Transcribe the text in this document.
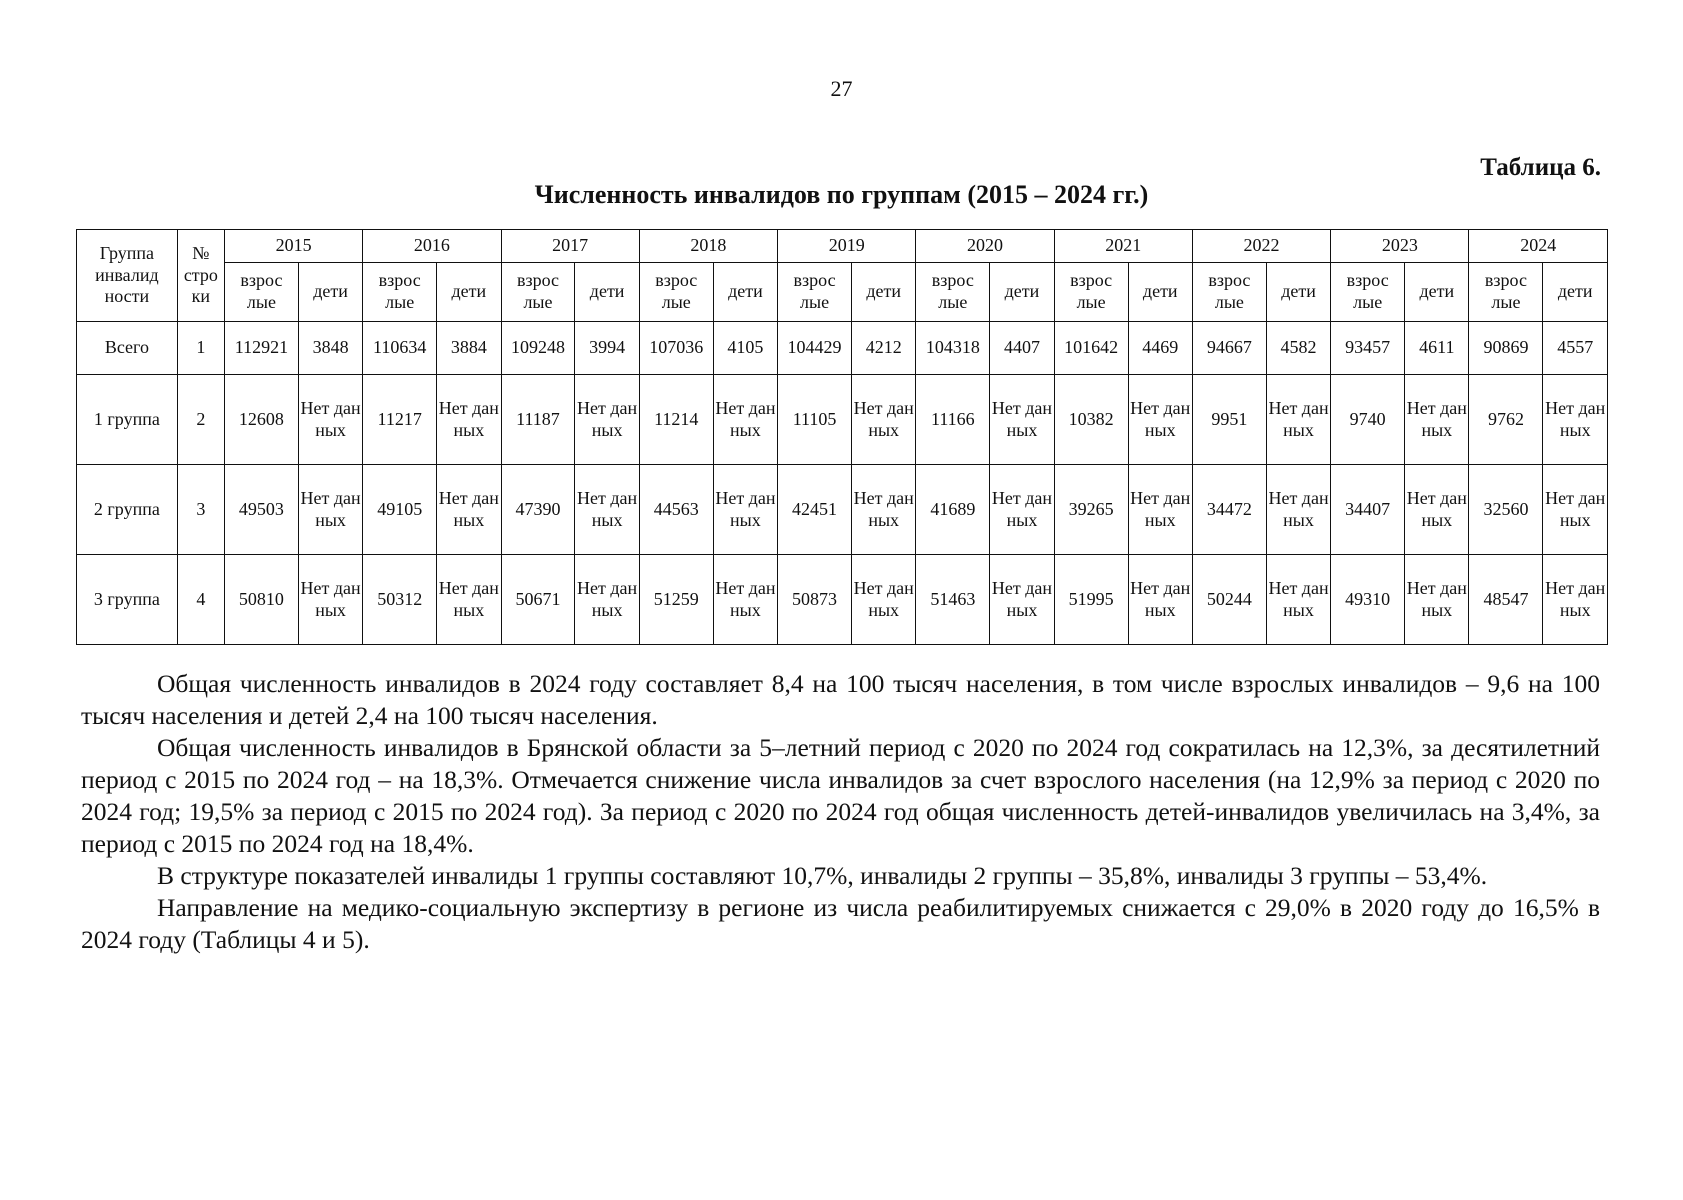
27
Таблица 6.
Численность инвалидов по группам (2015 – 2024 гг.)
Группа инвалид ности	№ стро ки	2015		2016		2017		2018		2019		2020		2021		2022		2023		2024	
		взрос лые	дети	взрос лые	дети	взрос лые	дети	взрос лые	дети	взрос лые	дети	взрос лые	дети	взрос лые	дети	взрос лые	дети	взрос лые	дети	взрос лые	дети
Всего	1	112921	3848	110634	3884	109248	3994	107036	4105	104429	4212	104318	4407	101642	4469	94667	4582	93457	4611	90869	4557
1 группа	2	12608	Нет дан ных	11217	Нет дан ных	11187	Нет дан ных	11214	Нет дан ных	11105	Нет дан ных	11166	Нет дан ных	10382	Нет дан ных	9951	Нет дан ных	9740	Нет дан ных	9762	Нет дан ных
2 группа	3	49503	Нет дан ных	49105	Нет дан ных	47390	Нет дан ных	44563	Нет дан ных	42451	Нет дан ных	41689	Нет дан ных	39265	Нет дан ных	34472	Нет дан ных	34407	Нет дан ных	32560	Нет дан ных
3 группа	4	50810	Нет дан ных	50312	Нет дан ных	50671	Нет дан ных	51259	Нет дан ных	50873	Нет дан ных	51463	Нет дан ных	51995	Нет дан ных	50244	Нет дан ных	49310	Нет дан ных	48547	Нет дан ных

Общая численность инвалидов в 2024 году составляет 8,4 на 100 тысяч населения, в том числе взрослых инвалидов – 9,6 на 100 тысяч населения и детей 2,4 на 100 тысяч населения.

Общая численность инвалидов в Брянской области за 5–летний период с 2020 по 2024 год сократилась на 12,3%, за десятилетний период с 2015 по 2024 год – на 18,3%. Отмечается снижение числа инвалидов за счет взрослого населения (на 12,9% за период с 2020 по 2024 год; 19,5% за период с 2015 по 2024 год). За период с 2020 по 2024 год общая численность детей-инвалидов увеличилась на 3,4%, за период с 2015 по 2024 год на 18,4%.

В структуре показателей инвалиды 1 группы составляют 10,7%, инвалиды 2 группы – 35,8%, инвалиды 3 группы – 53,4%.

Направление на медико-социальную экспертизу в регионе из числа реабилитируемых снижается с 29,0% в 2020 году до 16,5% в 2024 году (Таблицы 4 и 5).
